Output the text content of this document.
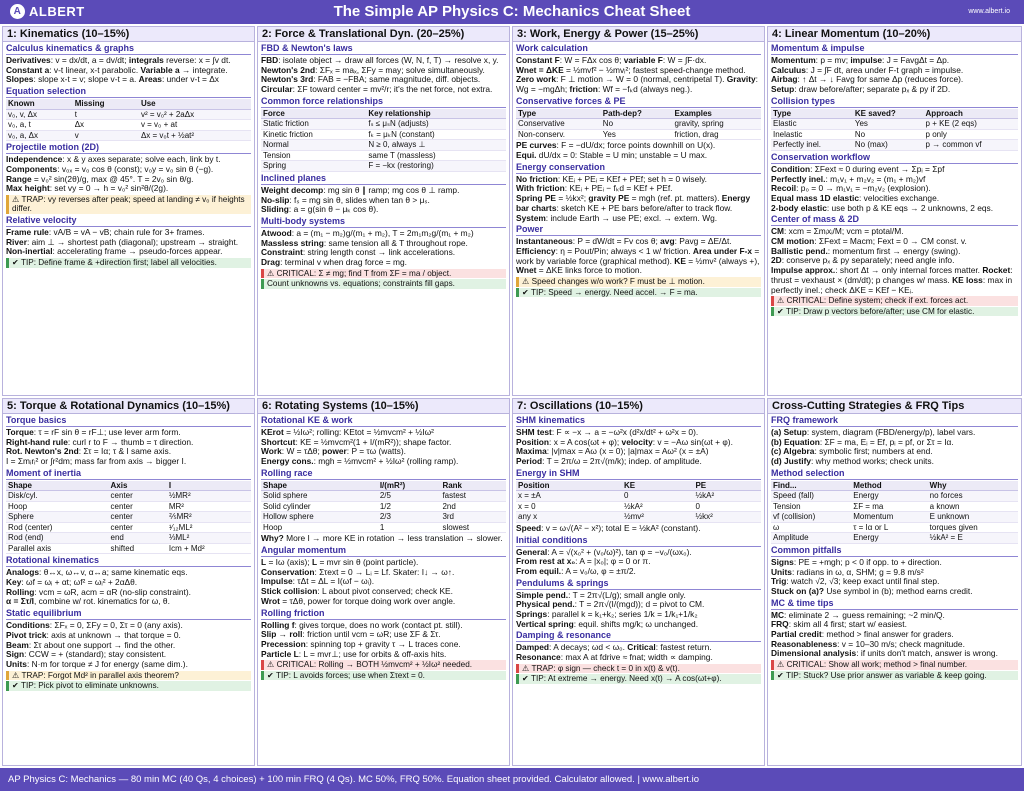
A ALBERT	The Simple AP Physics C: Mechanics Cheat Sheet	www.albert.io
1: Kinematics (10–15%)
Calculus kinematics & graphs
Derivatives: v = dx/dt, a = dv/dt; integrals reverse: x = ∫v dt.
Constant a: v-t linear, x-t parabolic. Variable a → integrate.
Slopes: slope x-t = v; slope v-t = a. Areas: under v-t = Δx
Equation selection
Known	Missing	Use
v₀, v, Δx	t	v² = v₀² + 2aΔx
v₀, a, t	Δx	v = v₀ + at
v₀, a, Δx	v	Δx = v₀t + ½at²
Projectile motion (2D)
Independence: x & y axes separate; solve each, link by t.
Components: v₀ₓ = v₀ cos θ (const); v₀y = v₀ sin θ (−g).
Range = v₀² sin(2θ)/g, max @ 45°. T = 2v₀ sin θ/g.
Max height: set vy = 0 → h = v₀² sin²θ/(2g).
⚠ TRAP: vy reverses after peak; speed at landing ≠ v₀ if heights differ.
Relative velocity
Frame rule: vA/B = vA − vB; chain rule for 3+ frames.
River: aim ⊥ → shortest path (diagonal); upstream → straight.
Non-inertial: accelerating frame → pseudo-forces appear.
✔ TIP: Define frame & +direction first; label all velocities.
2: Force & Translational Dyn. (20–25%)
FBD & Newton's laws
FBD: isolate object → draw all forces (W, N, f, T) → resolve x, y.
Newton's 2nd: ΣFₓ = maₓ, ΣFy = may; solve simultaneously.
Newton's 3rd: FAB = −FBA; same magnitude, diff. objects.
Circular: ΣF toward center = mv²/r; it's the net force, not extra.
Common force relationships
Force	Key relationship
Static friction	fₛ ≤ μₛN (adjusts)
Kinetic friction	fₖ = μₖN (constant)
Normal	N ≥ 0, always ⊥
Tension	same T (massless)
Spring	F = −kx (restoring)
Inclined planes
Weight decomp: mg sin θ ∥ ramp; mg cos θ ⊥ ramp.
No-slip: fₛ = mg sin θ, slides when tan θ > μₛ.
Sliding: a = g(sin θ − μₖ cos θ).
Multi-body systems
Atwood: a = (m₁ − m₂)g/(m₁ + m₂), T = 2m₁m₂g/(m₁ + m₂)
Massless string: same tension all & T throughout rope.
Constraint: string length const → link accelerations.
Drag: terminal v when drag force = mg.
⚠ CRITICAL: Σ ≠ mg; find T from ΣF = ma / object.
Count unknowns vs. equations; constraints fill gaps.
3: Work, Energy & Power (15–25%)
Work calculation
Constant F: W = FΔx cos θ; variable F: W = ∫F·dx.
Wnet = ΔKE = ½mvf² − ½mvᵢ²; fastest speed-change method.
Zero work: F ⊥ motion → W = 0 (normal, centripetal T). Gravity: Wg = −mgΔh; friction: Wf = −fₖd (always neg.).
Conservative forces & PE
Type	Path-dep?	Examples
Conservative	No	gravity, spring
Non-conserv.	Yes	friction, drag
PE curves: F = −dU/dx; force points downhill on U(x).
Equi. dU/dx = 0: Stable = U min; unstable = U max.
Energy conservation
No friction: KEᵢ + PEᵢ = KEf + PEf; set h = 0 wisely.
With friction: KEᵢ + PEᵢ − fₖd = KEf + PEf.
Spring PE = ½kx²; gravity PE = mgh (ref. pt. matters). Energy bar charts: sketch KE + PE bars before/after to track flow.
System: include Earth → use PE; excl. → extern. Wg.
Power
Instantaneous: P = dW/dt = Fv cos θ; avg: Pavg = ΔE/Δt. Efficiency: η = Pout/Pin; always < 1 w/ friction. Area under F-x = work by variable force (graphical method). KE = ½mv² (always +), Wnet = ΔKE links force to motion.
⚠ Speed changes w/o work? F must be ⊥ motion.
✔ TIP: Speed → energy. Need accel. → F = ma.
4: Linear Momentum (10–20%)
Momentum & impulse
Momentum: p = mv; impulse: J = FavgΔt = Δp.
Calculus: J = ∫F dt, area under F-t graph = impulse.
Airbag: ↑ Δt → ↓ Favg for same Δp (reduces force).
Setup: draw before/after; separate pₓ & py if 2D.
Collision types
Type	KE saved?	Approach
Elastic	Yes	p + KE (2 eqs)
Inelastic	No	p only
Perfectly inel.	No (max)	p → common vf
Conservation workflow
Condition: ΣFext ≈ 0 during event → Σpᵢ = Σpf
Perfectly inel.: m₁v₁ + m₂v₂ = (m₁ + m₂)vf
Recoil: p₀ = 0 → m₁v₁ = −m₂v₂ (explosion).
Equal mass 1D elastic: velocities exchange.
2-body elastic: use both p & KE eqs → 2 unknowns, 2 eqs.
Center of mass & 2D
CM: xcm = Σmᵢxᵢ/M; vcm = ptotal/M.
CM motion: ΣFext = Macm; Fext = 0 → CM const. v.
Ballistic pend.: momentum first → energy (swing).
2D: conserve pₓ & py separately; need angle info.
Impulse approx.: short Δt → only internal forces matter. Rocket: thrust = vexhaust × (dm/dt); p changes w/ mass. KE loss: max in perfectly inel.; check ΔKE = KEf − KEᵢ.
⚠ CRITICAL: Define system; check if ext. forces act.
✔ TIP: Draw p vectors before/after; use CM for elastic.
5: Torque & Rotational Dynamics (10–15%)
Torque basics
Torque: τ = rF sin θ = rF⊥; use lever arm form.
Right-hand rule: curl r to F → thumb = τ direction.
Rot. Newton's 2nd: Στ = Iα; τ & I same axis.
I = Σmᵢrᵢ² or ∫r²dm; mass far from axis → bigger I.
Moment of inertia
Shape	Axis	I
Disk/cyl.	center	½MR²
Hoop	center	MR²
Sphere	center	⅖MR²
Rod (center)	center	¹⁄₁₂ML²
Rod (end)	end	⅓ML²
Parallel axis	shifted	Icm + Md²
Rotational kinematics
Analogs: θ↔x, ω↔v, α↔a; same kinematic eqs.
Key: ωf = ωᵢ + αt; ωf² = ωᵢ² + 2αΔθ.
Rolling: vcm = ωR, acm = αR (no-slip constraint).
α = Στ/I, combine w/ rot. kinematics for ω, θ.
Static equilibrium
Conditions: ΣFₓ = 0, ΣFy = 0, Στ = 0 (any axis).
Pivot trick: axis at unknown → that torque = 0.
Beam: Στ about one support → find the other.
Sign: CCW = + (standard); stay consistent.
Units: N·m for torque ≠ J for energy (same dim.).
⚠ TRAP: Forgot Md² in parallel axis theorem?
✔ TIP: Pick pivot to eliminate unknowns.
6: Rotating Systems (10–15%)
Rotational KE & work
KErot = ½Iω²; rolling: KEtot = ½mvcm² + ½Iω²
Shortcut: KE = ½mvcm²(1 + I/(mR²)); shape factor.
Work: W = τΔθ; power: P = τω (watts).
Energy cons.: mgh = ½mvcm² + ½Iω² (rolling ramp).
Rolling race
Shape	I/(mR²)	Rank
Solid sphere	2/5	fastest
Solid cylinder	1/2	2nd
Hollow sphere	2/3	3rd
Hoop	1	slowest
Why? More I → more KE in rotation → less translation → slower.
Angular momentum
L = Iω (axis); L = mvr sin θ (point particle).
Conservation: Στext = 0 → Lᵢ = Lf. Skater: I↓ → ω↑.
Impulse: τΔt = ΔL = I(ωf − ωᵢ).
Stick collision: L about pivot conserved; check KE.
Wrot = τΔθ, power for torque doing work over angle.
Rolling friction
Rolling f: gives torque, does no work (contact pt. still).
Slip → roll: friction until vcm = ωR; use ΣF & Στ.
Precession: spinning top + gravity τ → L traces cone.
Particle L: L = mvr⊥; use for orbits & off-axis hits.
⚠ CRITICAL: Rolling → BOTH ½mvcm² + ½Iω² needed.
✔ TIP: L avoids forces; use when Στext = 0.
7: Oscillations (10–15%)
SHM kinematics
SHM test: F ∝ −x → a = −ω²x (d²x/dt² + ω²x = 0).
Position: x = A cos(ωt + φ); velocity: v = −Aω sin(ωt + φ).
Maxima: |v|max = Aω (x = 0); |a|max = Aω² (x = ±A)
Period: T = 2π/ω = 2π√(m/k); indep. of amplitude.
Energy in SHM
Position	KE	PE
x = ±A	0	½kA²
x = 0	½kA²	0
any x	½mv²	½kx²
Speed: v = ω√(A² − x²); total E = ½kA² (constant).
Initial conditions
General: A = √(x₀² + (v₀/ω)²), tan φ = −v₀/(ωx₀).
From rest at x₀: A = |x₀|; φ = 0 or π.
From equil.: A = v₀/ω, φ = ±π/2.
Pendulums & springs
Simple pend.: T = 2π√(L/g); small angle only.
Physical pend.: T = 2π√(I/(mgd)); d = pivot to CM.
Springs: parallel k = k₁+k₂; series 1/k = 1/k₁+1/k₂
Vertical spring: equil. shifts mg/k; ω unchanged.
Damping & resonance
Damped: A decays; ωd < ω₀. Critical: fastest return.
Resonance: max A at fdrive ≈ fnat; width ∝ damping.
⚠ TRAP: φ sign — check t = 0 in x(t) & v(t).
✔ TIP: At extreme → energy. Need x(t) → A cos(ωt+φ).
Cross-Cutting Strategies & FRQ Tips
FRQ framework
(a) Setup: system, diagram (FBD/energy/p), label vars.
(b) Equation: ΣF = ma, Eᵢ = Ef, pᵢ = pf, or Στ = Iα.
(c) Algebra: symbolic first; numbers at end.
(d) Justify: why method works; check units.
Method selection
Find...	Method	Why
Speed (fall)	Energy	no forces
Tension	ΣF = ma	a known
vf (collision)	Momentum	E unknown
ω	τ = Iα or L	torques given
Amplitude	Energy	½kA² = E
Common pitfalls
Signs: PE = +mgh; p < 0 if opp. to + direction.
Units: radians in ω, α, SHM; g = 9.8 m/s²
Trig: watch √2, √3; keep exact until final step.
Stuck on (a)? Use symbol in (b); method earns credit.
MC & time tips
MC: eliminate 2 → guess remaining; ~2 min/Q.
FRQ: skim all 4 first; start w/ easiest.
Partial credit: method > final answer for graders.
Reasonableness: v = 10–30 m/s; check magnitude.
Dimensional analysis: if units don't match, answer is wrong.
⚠ CRITICAL: Show all work; method > final number.
✔ TIP: Stuck? Use prior answer as variable & keep going.
AP Physics C: Mechanics — 80 min MC (40 Qs, 4 choices) + 100 min FRQ (4 Qs). MC 50%, FRQ 50%. Equation sheet provided. Calculator allowed. | www.albert.io
